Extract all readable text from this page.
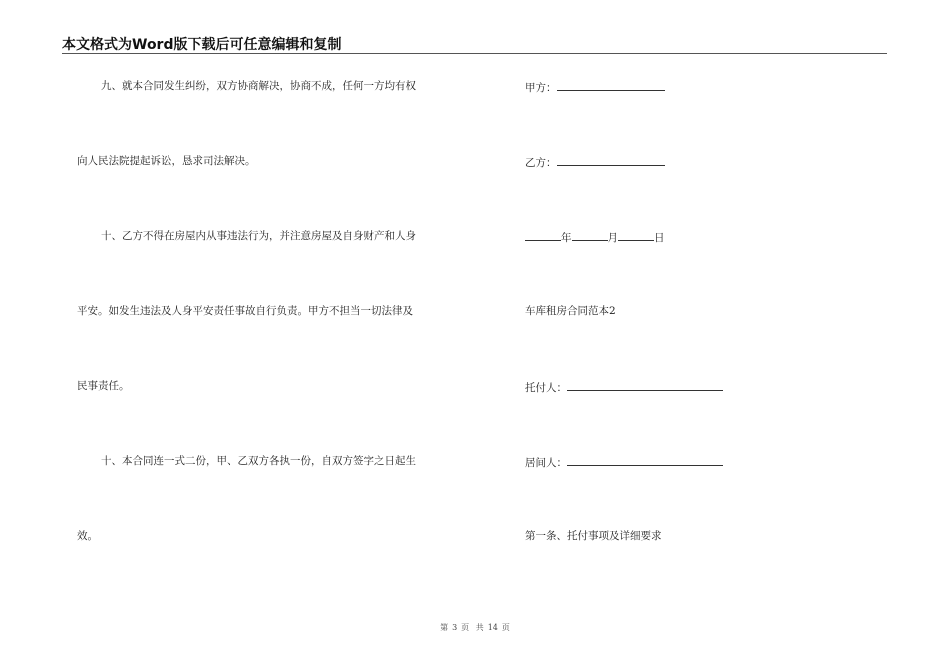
本文格式为Word版下载后可任意编辑和复制
九、就本合同发生纠纷，双方协商解决，协商不成，任何一方均有权
向人民法院提起诉讼，恳求司法解决。
十、乙方不得在房屋内从事违法行为，并注意房屋及自身财产和人身
平安。如发生违法及人身平安责任事故自行负责。甲方不担当一切法律及
民事责任。
十、本合同连一式二份，甲、乙双方各执一份，自双方签字之日起生
效。
甲方：
乙方：
年	月	日
车库租房合同范本2
托付人：
居间人：
第一条、托付事项及详细要求
第 3 页 共 14 页
